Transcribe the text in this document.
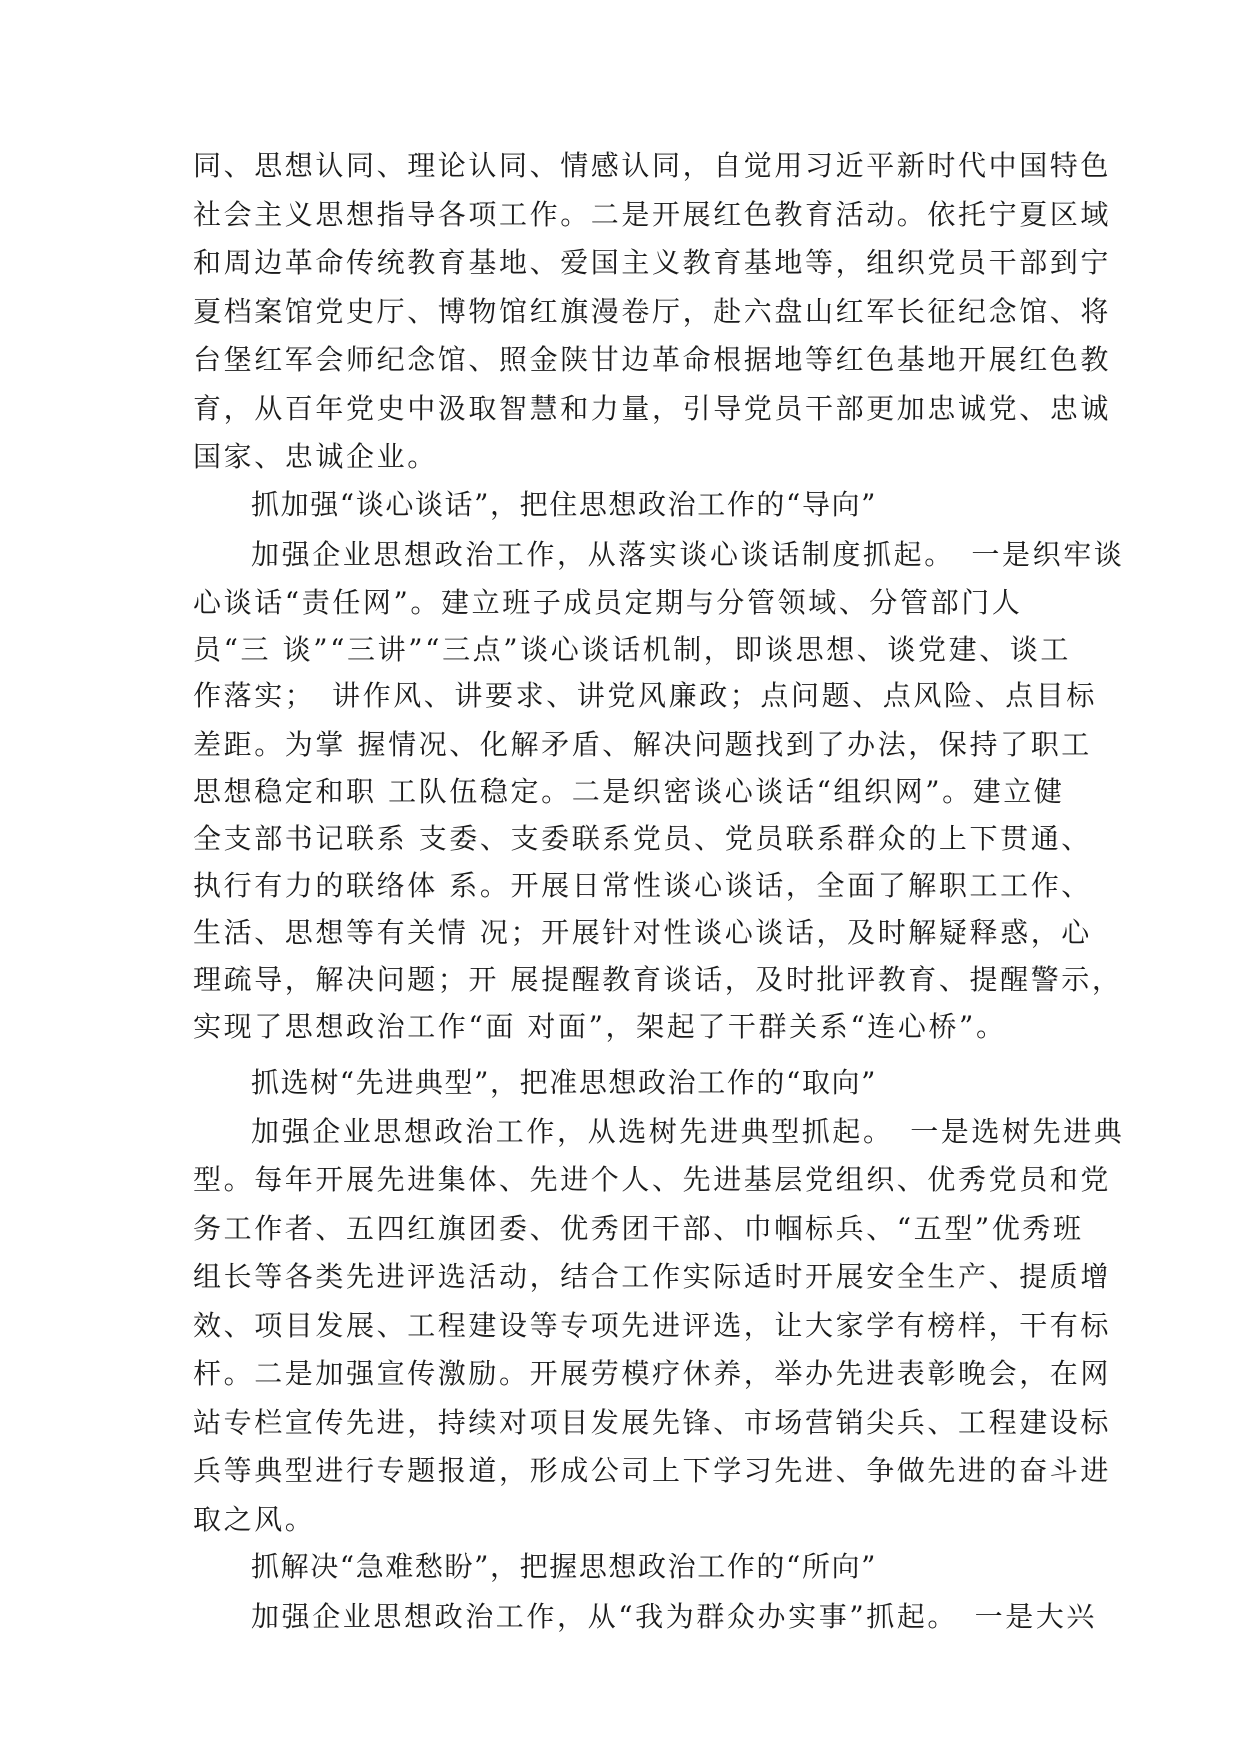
同、思想认同、理论认同、情感认同，自觉用习近平新时代中国特色
社会主义思想指导各项工作。二是开展红色教育活动。依托宁夏区域
和周边革命传统教育基地、爱国主义教育基地等，组织党员干部到宁
夏档案馆党史厅、博物馆红旗漫卷厅，赴六盘山红军长征纪念馆、将
台堡红军会师纪念馆、照金陕甘边革命根据地等红色基地开展红色教
育，从百年党史中汲取智慧和力量，引导党员干部更加忠诚党、忠诚
国家、忠诚企业。
抓加强“谈心谈话”，把住思想政治工作的“导向”
加强企业思想政治工作，从落实谈心谈话制度抓起。　一是织牢谈
心谈话“责任网”。建立班子成员定期与分管领域、分管部门人
员“三 谈”“三讲”“三点”谈心谈话机制，即谈思想、谈党建、谈工
作落实；　讲作风、讲要求、讲党风廉政；点问题、点风险、点目标
差距。为掌 握情况、化解矛盾、解决问题找到了办法，保持了职工
思想稳定和职 工队伍稳定。二是织密谈心谈话“组织网”。建立健
全支部书记联系 支委、支委联系党员、党员联系群众的上下贯通、
执行有力的联络体 系。开展日常性谈心谈话，全面了解职工工作、
生活、思想等有关情 况；开展针对性谈心谈话，及时解疑释惑，心
理疏导，解决问题；开 展提醒教育谈话，及时批评教育、提醒警示，
实现了思想政治工作“面 对面”，架起了干群关系“连心桥”。
抓选树“先进典型”，把准思想政治工作的“取向”
加强企业思想政治工作，从选树先进典型抓起。　一是选树先进典
型。每年开展先进集体、先进个人、先进基层党组织、优秀党员和党
务工作者、五四红旗团委、优秀团干部、巾帼标兵、“五型”优秀班
组长等各类先进评选活动，结合工作实际适时开展安全生产、提质增
效、项目发展、工程建设等专项先进评选，让大家学有榜样，干有标
杆。二是加强宣传激励。开展劳模疗休养，举办先进表彰晚会，在网
站专栏宣传先进，持续对项目发展先锋、市场营销尖兵、工程建设标
兵等典型进行专题报道，形成公司上下学习先进、争做先进的奋斗进
取之风。
抓解决“急难愁盼”，把握思想政治工作的“所向”
加强企业思想政治工作，从“我为群众办实事”抓起。　一是大兴
